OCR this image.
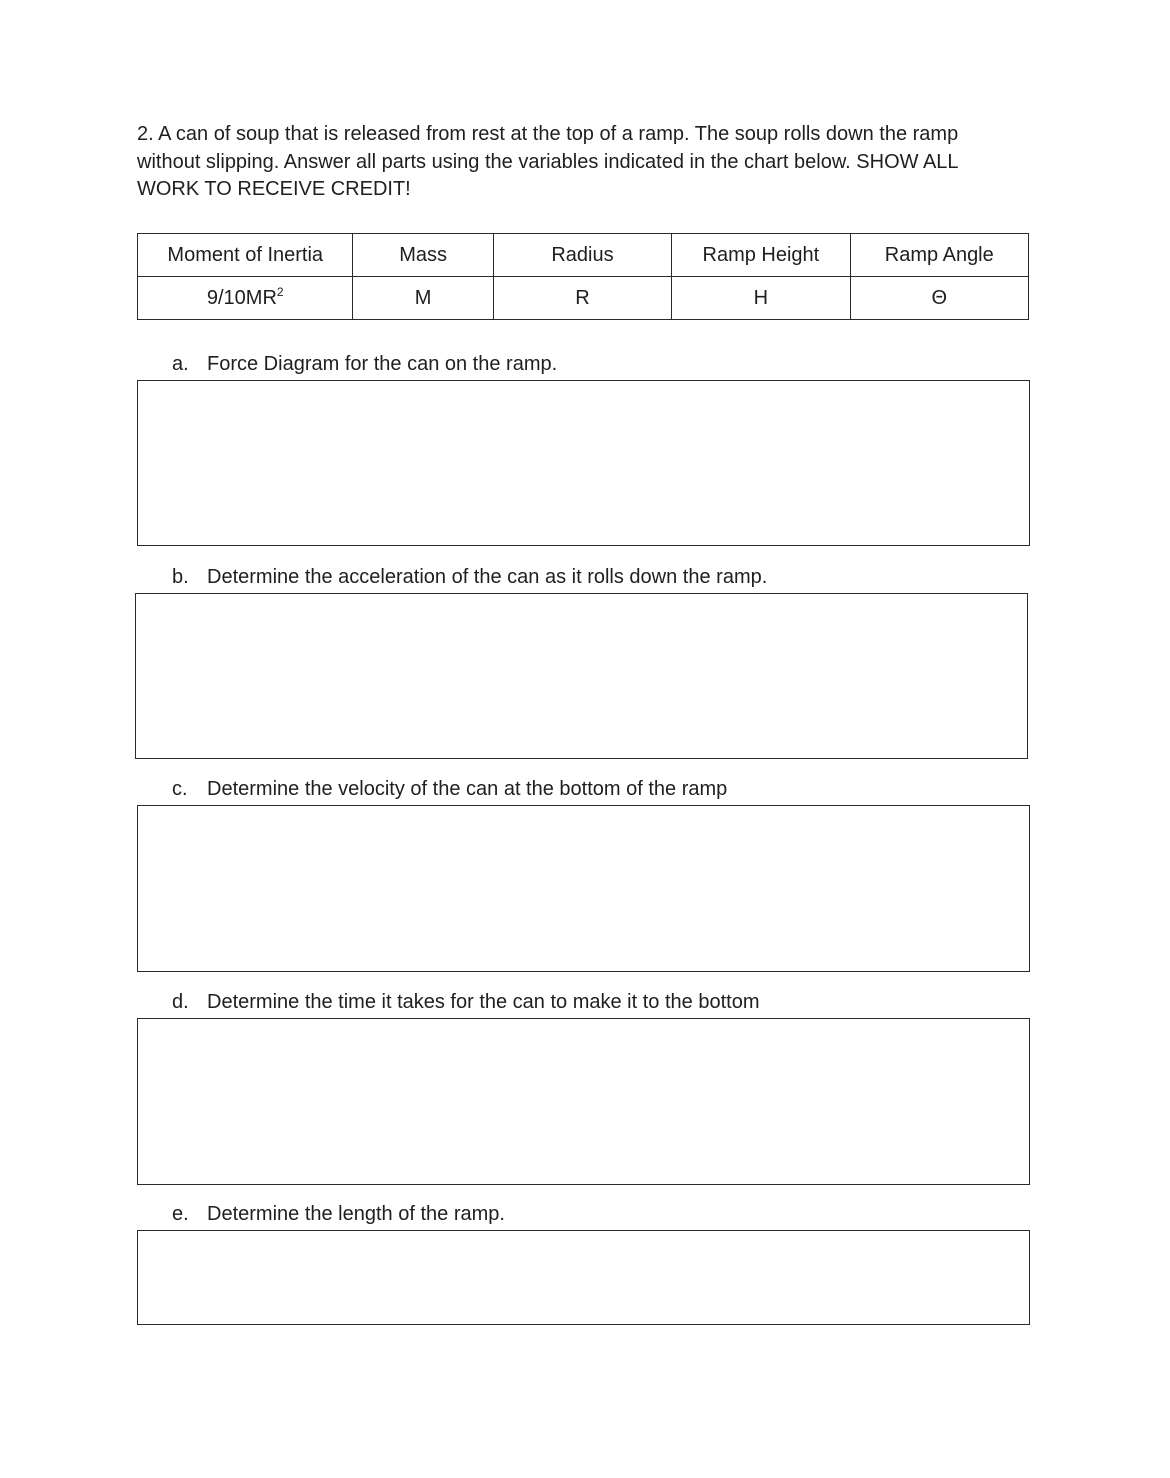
2. A can of soup that is released from rest at the top of a ramp. The soup rolls down the ramp
without slipping. Answer all parts using the variables indicated in the chart below. SHOW ALL
WORK TO RECEIVE CREDIT!

Moment of Inertia	Mass	Radius	Ramp Height	Ramp Angle
$9/10MR^2$	M	R	H	Θ

a. Force Diagram for the can on the ramp.

b. Determine the acceleration of the can as it rolls down the ramp.

c. Determine the velocity of the can at the bottom of the ramp

d. Determine the time it takes for the can to make it to the bottom

e. Determine the length of the ramp.
